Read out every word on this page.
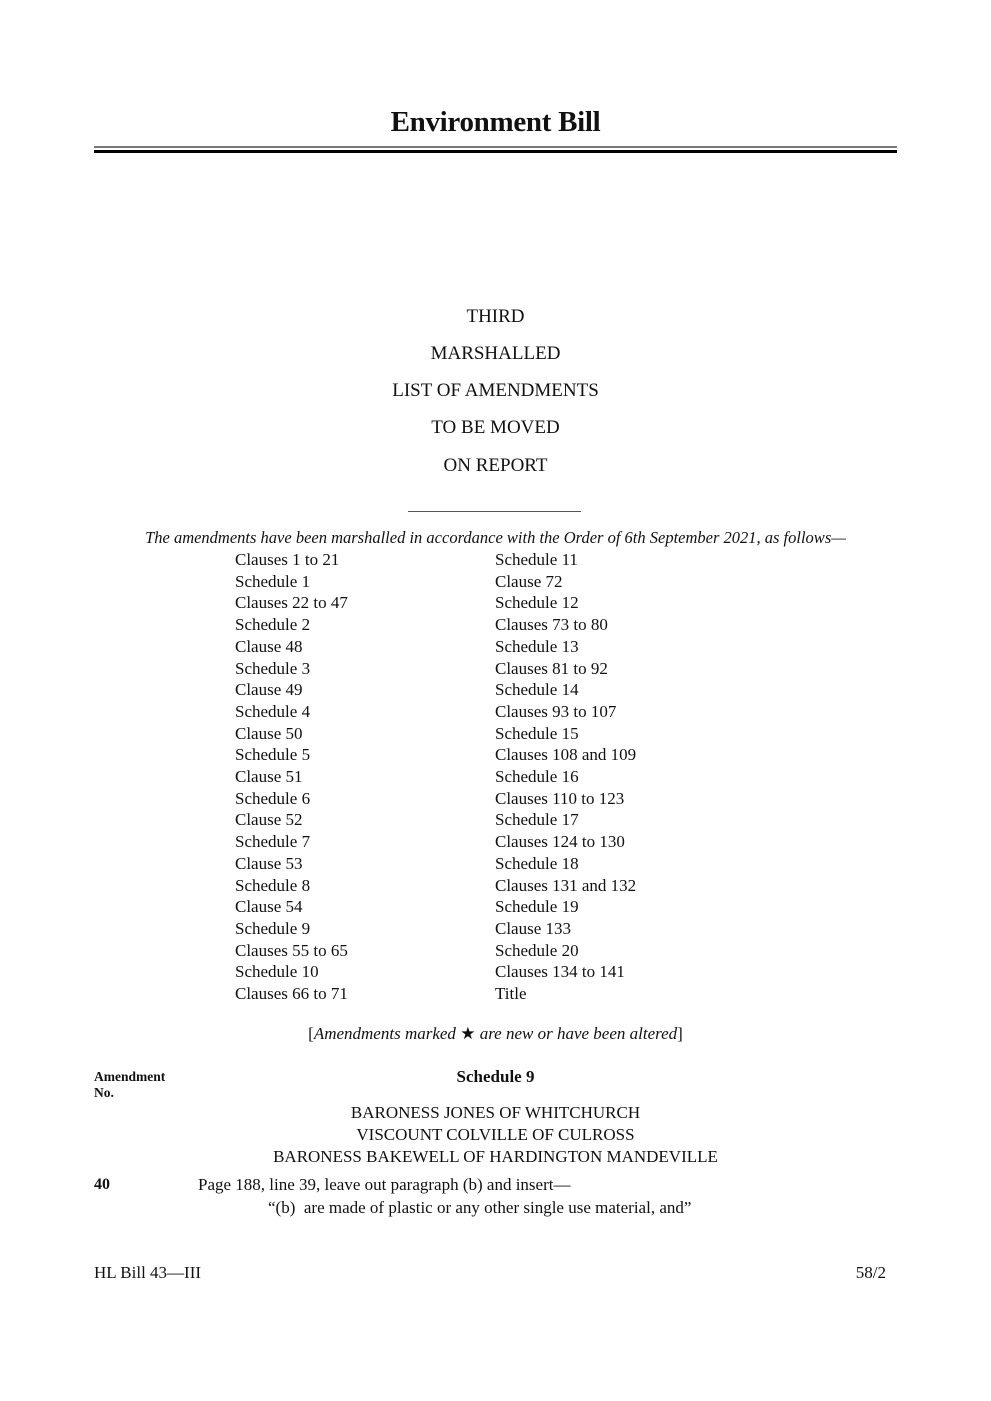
Environment Bill
THIRD
MARSHALLED
LIST OF AMENDMENTS
TO BE MOVED
ON REPORT
The amendments have been marshalled in accordance with the Order of 6th September 2021, as follows—
Clauses 1 to 21
Schedule 1
Clauses 22 to 47
Schedule 2
Clause 48
Schedule 3
Clause 49
Schedule 4
Clause 50
Schedule 5
Clause 51
Schedule 6
Clause 52
Schedule 7
Clause 53
Schedule 8
Clause 54
Schedule 9
Clauses 55 to 65
Schedule 10
Clauses 66 to 71
Schedule 11
Clause 72
Schedule 12
Clauses 73 to 80
Schedule 13
Clauses 81 to 92
Schedule 14
Clauses 93 to 107
Schedule 15
Clauses 108 and 109
Schedule 16
Clauses 110 to 123
Schedule 17
Clauses 124 to 130
Schedule 18
Clauses 131 and 132
Schedule 19
Clause 133
Schedule 20
Clauses 134 to 141
Title
[Amendments marked ★ are new or have been altered]
Amendment
No.
Schedule 9
BARONESS JONES OF WHITCHURCH
VISCOUNT COLVILLE OF CULROSS
BARONESS BAKEWELL OF HARDINGTON MANDEVILLE
40	Page 188, line 39, leave out paragraph (b) and insert—
“(b)  are made of plastic or any other single use material, and”
HL Bill 43—III	58/2
